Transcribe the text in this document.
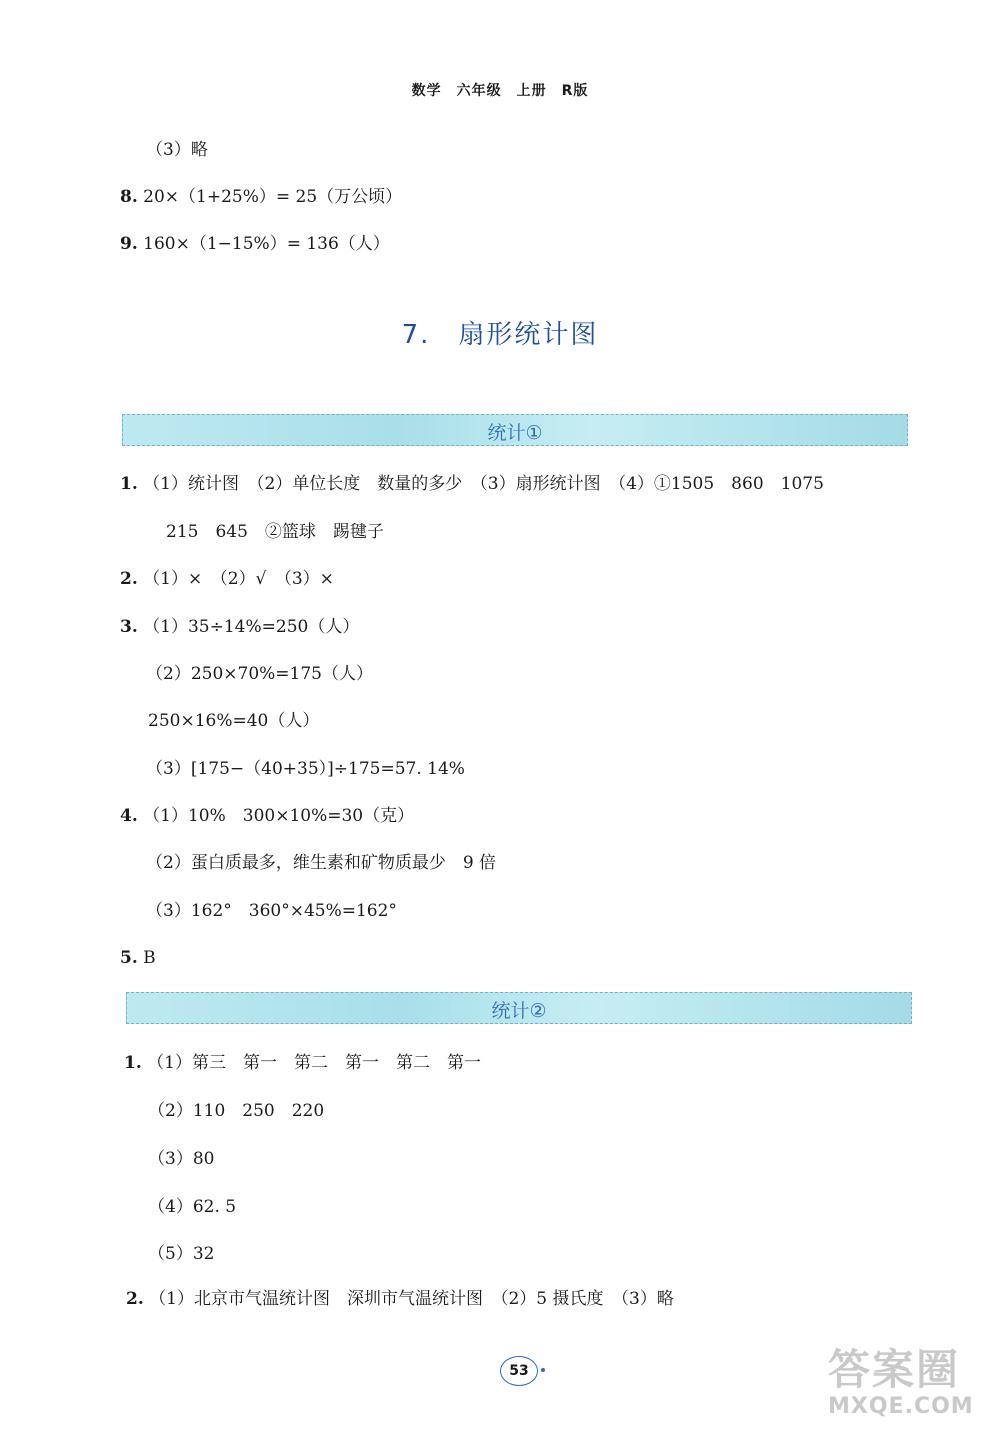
数学　六年级　上册　R版
（3）略
8. 20×（1+25%）= 25（万公顷）
9. 160×（1−15%）= 136（人）
7.　扇形统计图
统计①
1. （1）统计图　（2）单位长度　数量的多少　（3）扇形统计图　（4）①1505　860　1075
215　645　②篮球　踢毽子
2. （1）×　（2）√　（3）×
3. （1）35÷14%=250（人）
（2）250×70%=175（人）
250×16%=40（人）
（3）[175−（40+35）]÷175=57. 14%
4. （1）10%　300×10%=30（克）
（2）蛋白质最多，维生素和矿物质最少　9 倍
（3）162°　360°×45%=162°
5. B
统计②
1. （1）第三　第一　第二　第一　第二　第一
（2）110　250　220
（3）80
（4）62. 5
（5）32
2. （1）北京市气温统计图　深圳市气温统计图　（2）5 摄氏度　（3）略
53	答案圈
MXQE.COM
